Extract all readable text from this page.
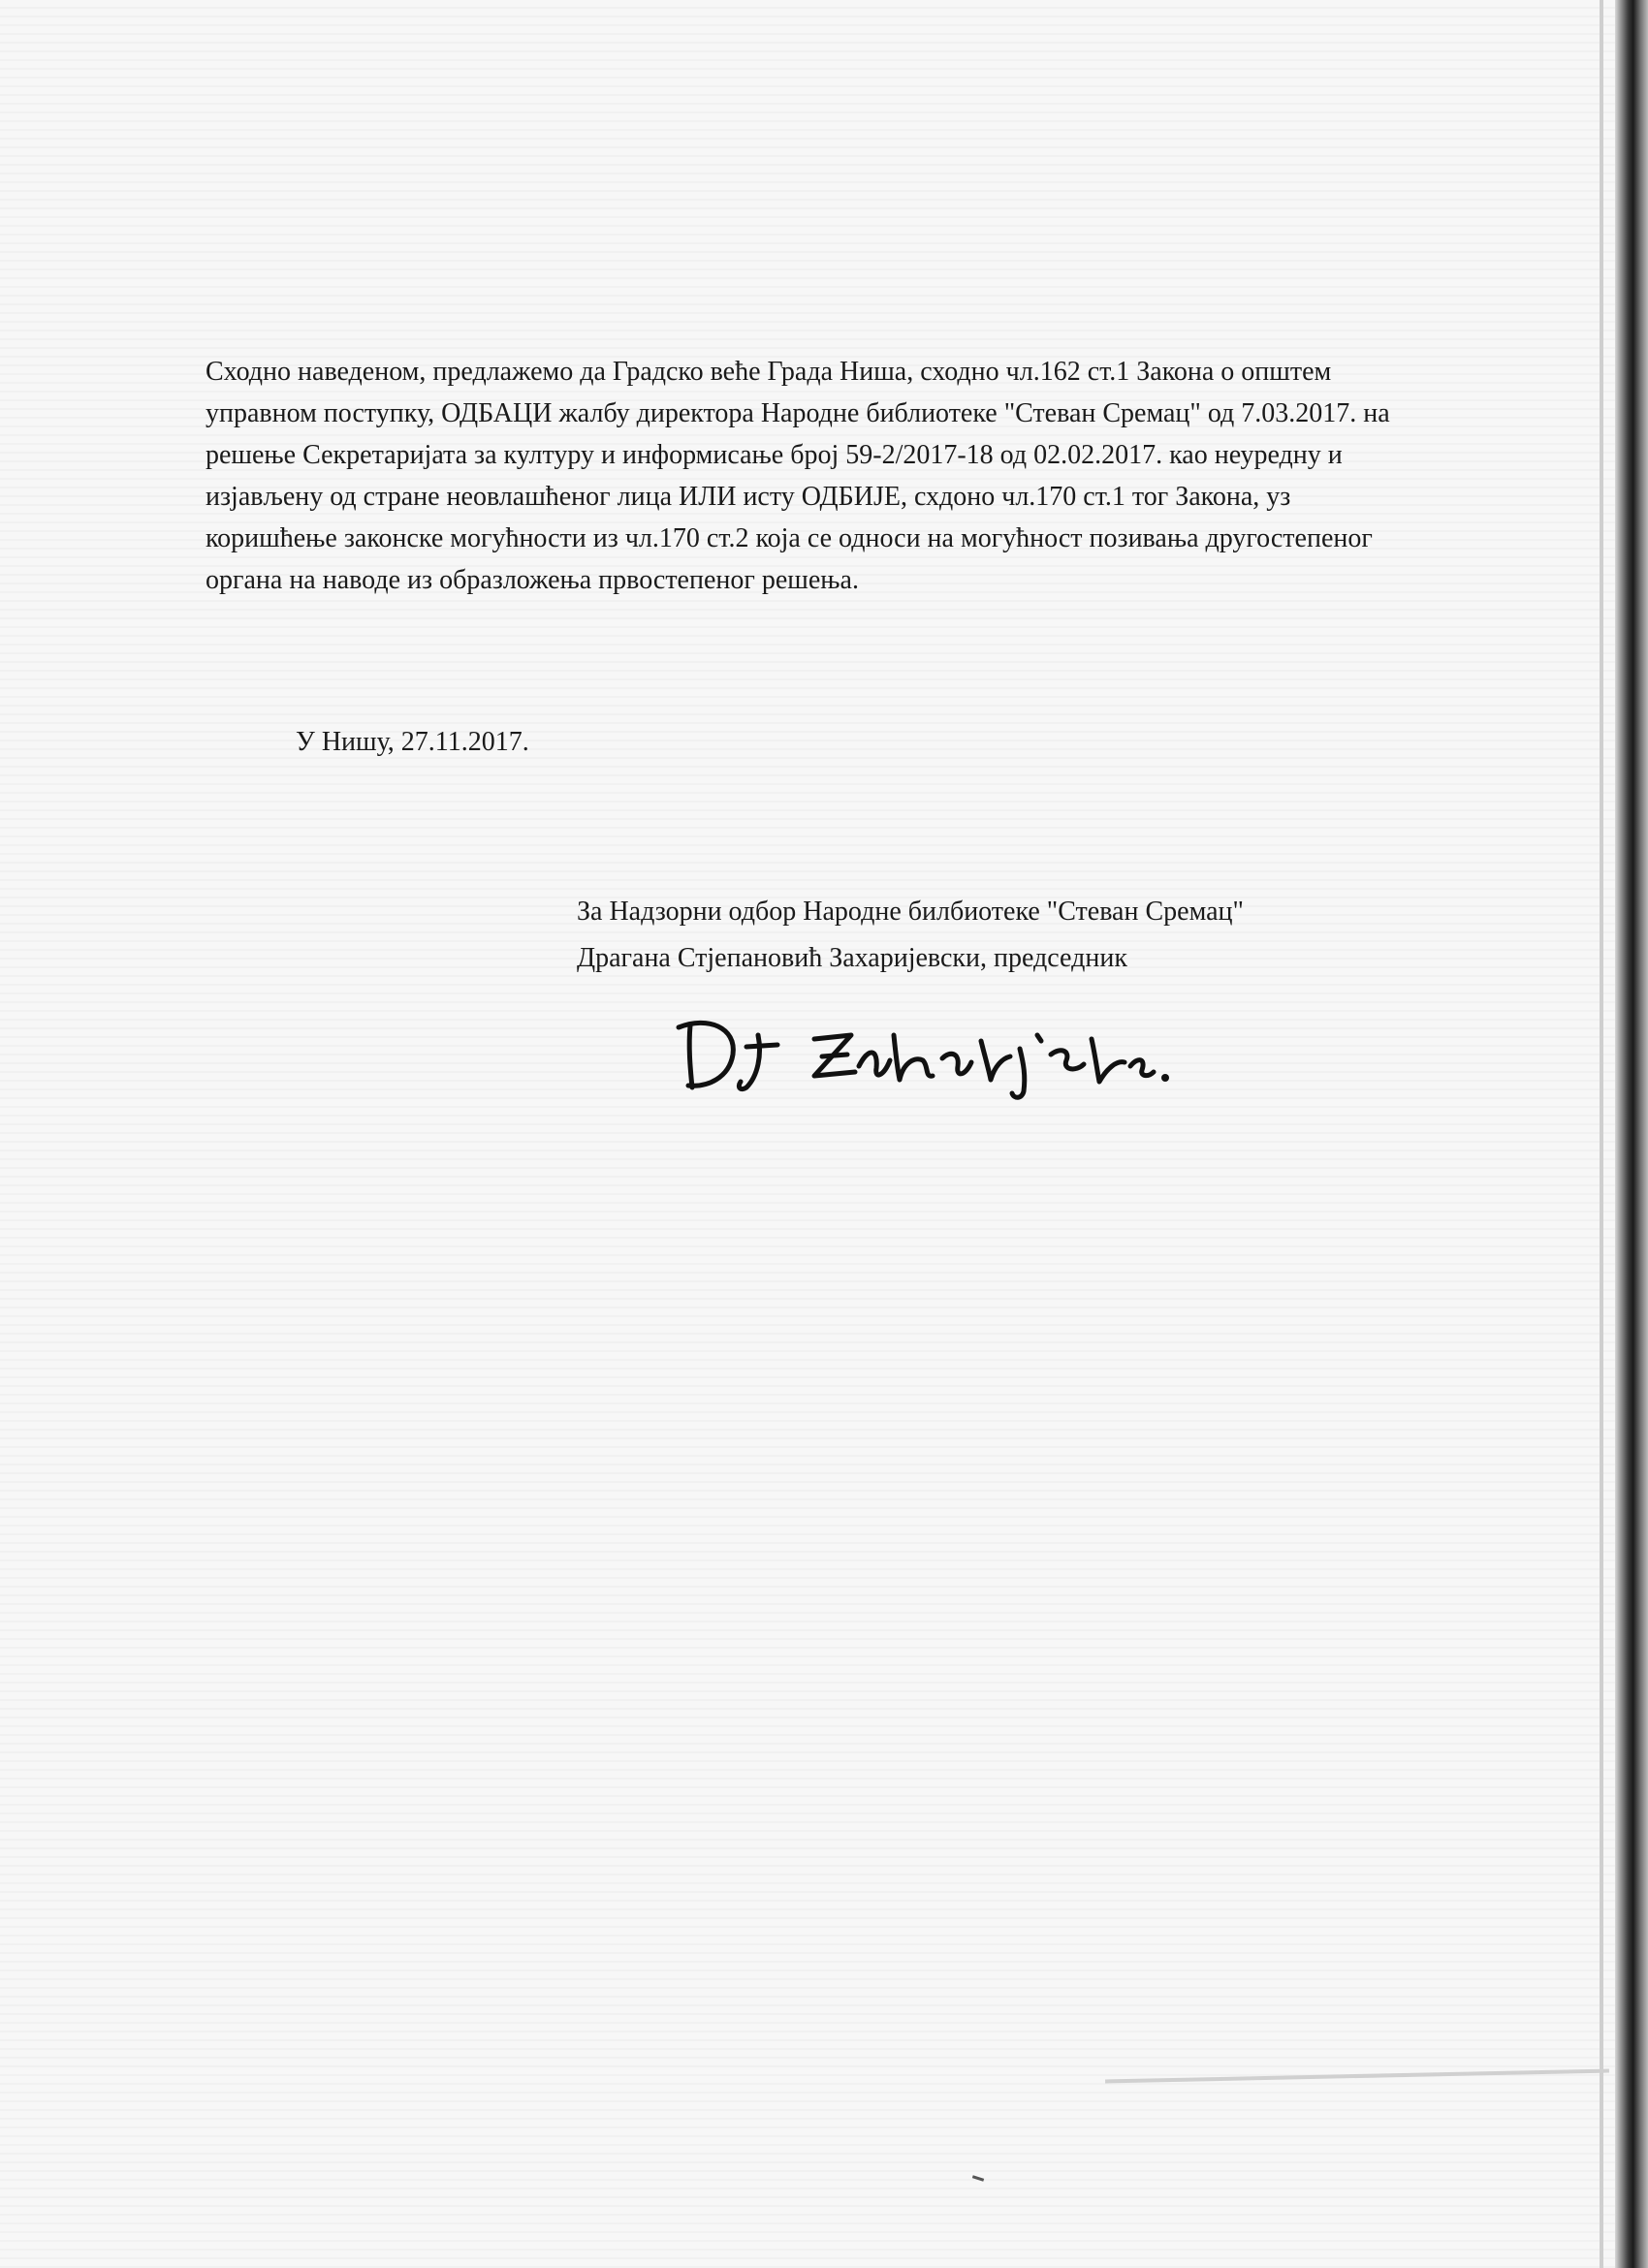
Сходно наведеном, предлажемо да Градско веће Града Ниша, сходно чл.162 ст.1 Закона о општем управном поступку, ОДБАЦИ жалбу директора Народне библиотеке "Стеван Сремац" од 7.03.2017. на решење Секретаријата за културу и информисање број 59-2/2017-18 од 02.02.2017. као неуредну и изјављену од стране неовлашћеног лица ИЛИ исту ОДБИЈЕ, схдоно чл.170 ст.1 тог Закона, уз коришћење законске могућности из чл.170 ст.2 која се односи на могућност позивања другостепеног органа на наводе из образложења првостепеног решења.

У Нишу, 27.11.2017.

За Надзорни одбор Народне билбиотеке "Стеван Сремац"
Драгана Стјепановић Захаријевски, председник
